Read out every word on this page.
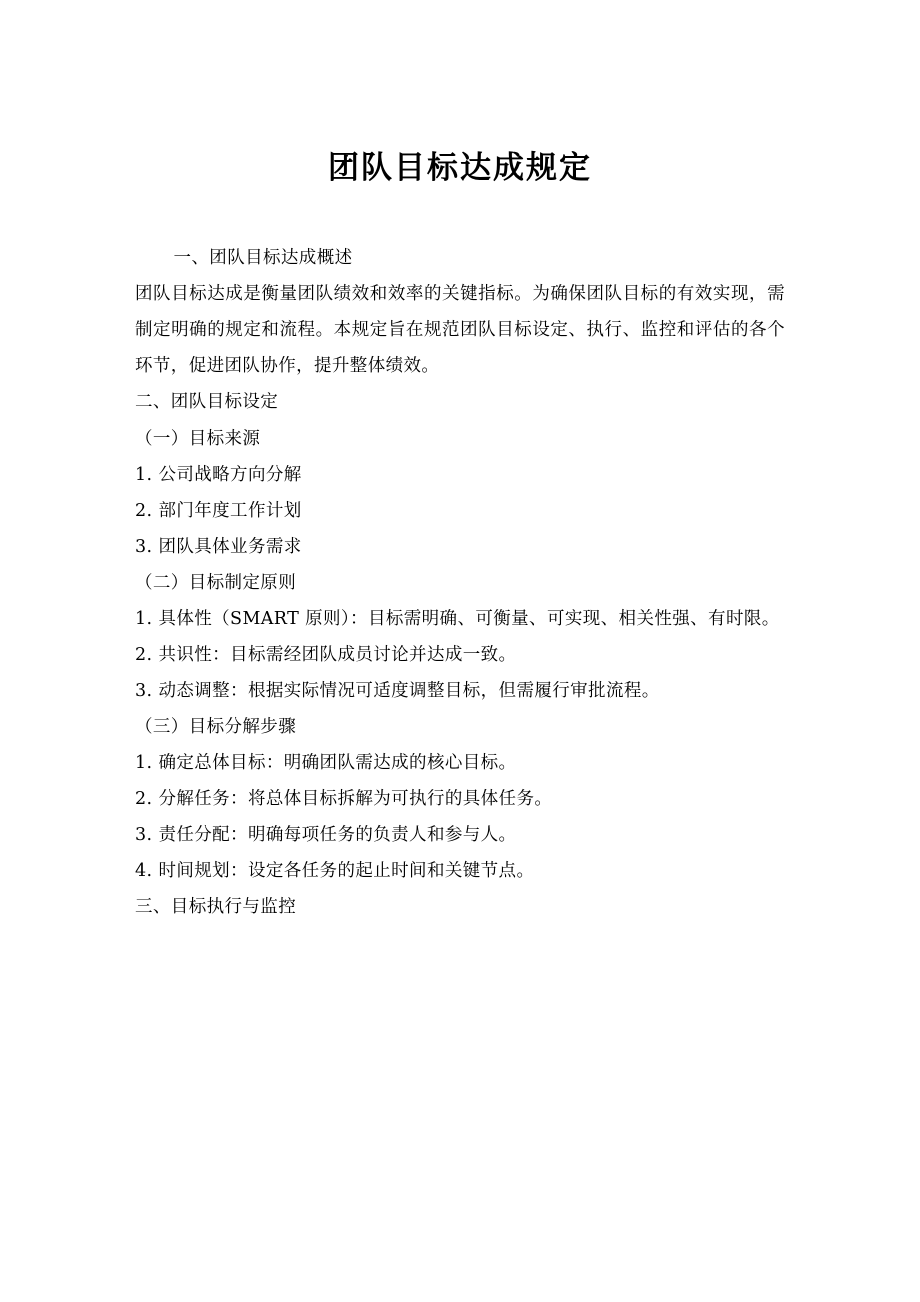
团队目标达成规定

一、团队目标达成概述

团队目标达成是衡量团队绩效和效率的关键指标。为确保团队目标的有效实现，需制定明确的规定和流程。本规定旨在规范团队目标设定、执行、监控和评估的各个环节，促进团队协作，提升整体绩效。

二、团队目标设定

（一）目标来源

1. 公司战略方向分解

2. 部门年度工作计划

3. 团队具体业务需求

（二）目标制定原则

1. 具体性（SMART 原则）：目标需明确、可衡量、可实现、相关性强、有时限。

2. 共识性：目标需经团队成员讨论并达成一致。

3. 动态调整：根据实际情况可适度调整目标，但需履行审批流程。

（三）目标分解步骤

1. 确定总体目标：明确团队需达成的核心目标。

2. 分解任务：将总体目标拆解为可执行的具体任务。

3. 责任分配：明确每项任务的负责人和参与人。

4. 时间规划：设定各任务的起止时间和关键节点。

三、目标执行与监控
